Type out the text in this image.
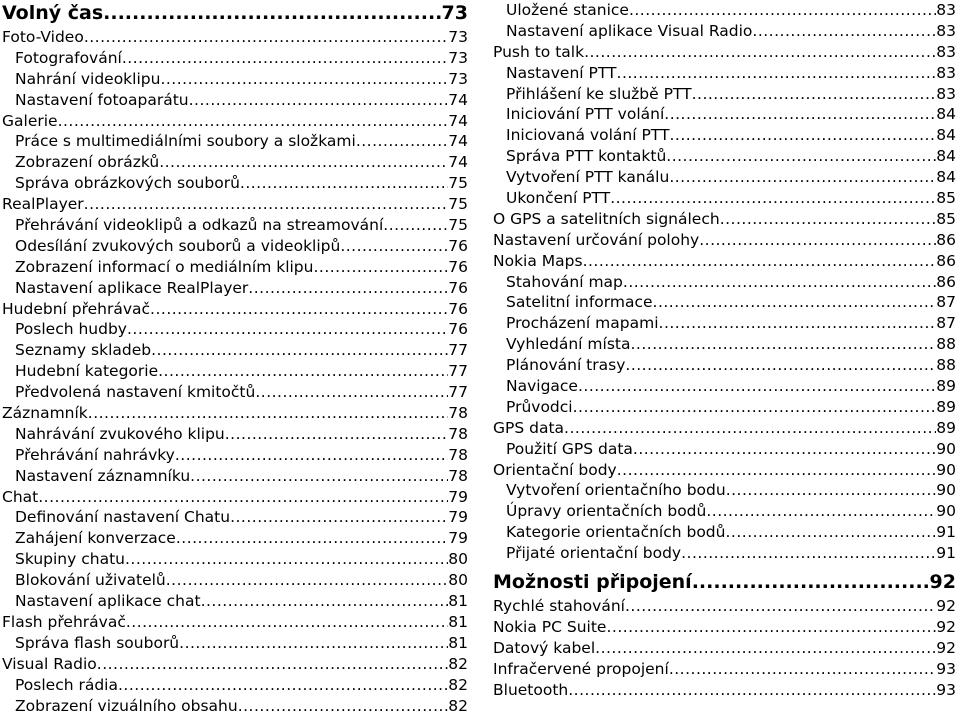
Volný čas .....	73
Foto-Video .....	73
Fotografování .....	73
Nahrání videoklipu .....	73
Nastavení fotoaparátu .....	74
Galerie .....	74
Práce s multimediálními soubory a složkami .....	74
Zobrazení obrázků .....	74
Správa obrázkových souborů .....	75
RealPlayer .....	75
Přehrávání videoklipů a odkazů na streamování .....	75
Odesílání zvukových souborů a videoklipů .....	76
Zobrazení informací o mediálním klipu .....	76
Nastavení aplikace RealPlayer .....	76
Hudební přehrávač .....	76
Poslech hudby .....	76
Seznamy skladeb .....	77
Hudební kategorie .....	77
Předvolená nastavení kmitočtů .....	77
Záznamník .....	78
Nahrávání zvukového klipu .....	78
Přehrávání nahrávky .....	78
Nastavení záznamníku .....	78
Chat .....	79
Definování nastavení Chatu .....	79
Zahájení konverzace .....	79
Skupiny chatu .....	80
Blokování uživatelů .....	80
Nastavení aplikace chat .....	81
Flash přehrávač .....	81
Správa flash souborů .....	81
Visual Radio .....	82
Poslech rádia .....	82
Zobrazení vizuálního obsahu .....	82
Uložené stanice .....	83
Nastavení aplikace Visual Radio .....	83
Push to talk .....	83
Nastavení PTT .....	83
Přihlášení ke službě PTT .....	83
Iniciování PTT volání .....	84
Iniciovaná volání PTT .....	84
Správa PTT kontaktů .....	84
Vytvoření PTT kanálu .....	84
Ukončení PTT .....	85
O GPS a satelitních signálech .....	85
Nastavení určování polohy .....	86
Nokia Maps .....	86
Stahování map .....	86
Satelitní informace .....	87
Procházení mapami .....	87
Vyhledání místa .....	88
Plánování trasy .....	88
Navigace .....	89
Průvodci .....	89
GPS data .....	89
Použití GPS data .....	90
Orientační body .....	90
Vytvoření orientačního bodu .....	90
Úpravy orientačních bodů .....	90
Kategorie orientačních bodů .....	91
Přijaté orientační body .....	91
Možnosti připojení .....	92
Rychlé stahování .....	92
Nokia PC Suite .....	92
Datový kabel .....	92
Infračervené propojení .....	93
Bluetooth .....	93
